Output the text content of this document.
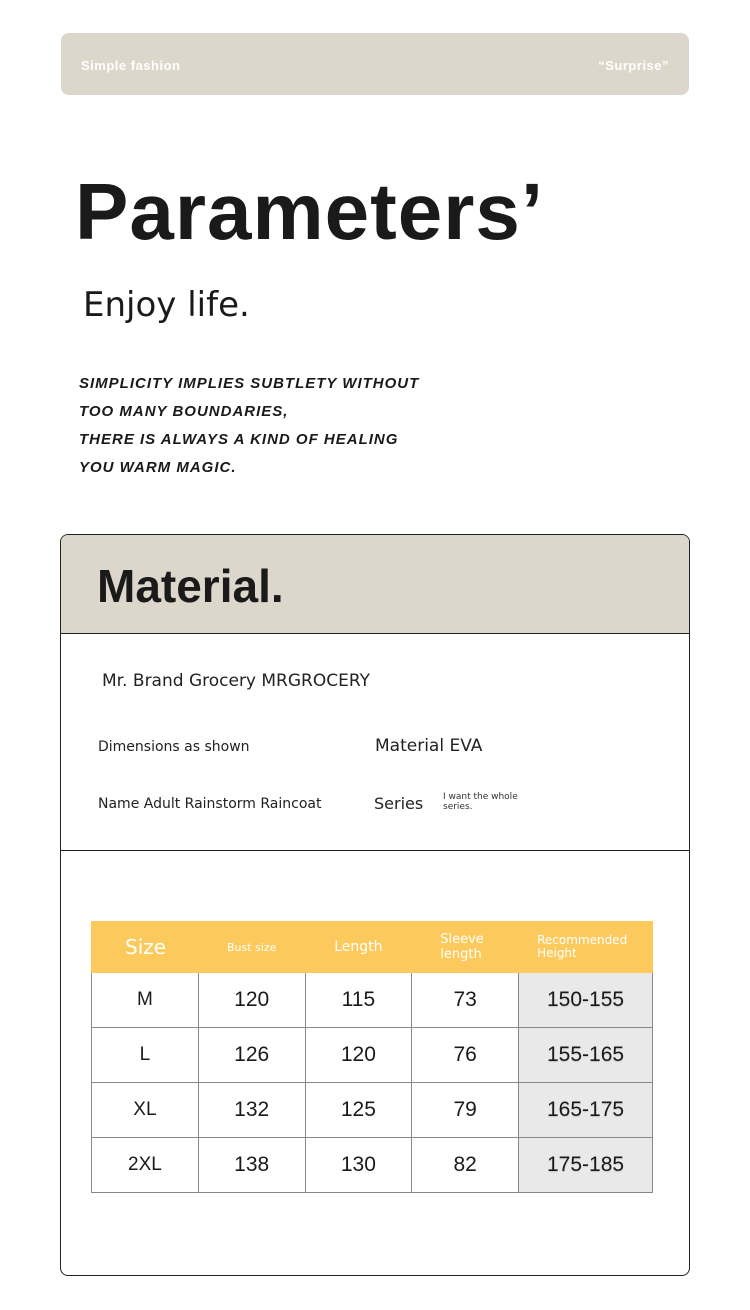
Simple fashion	“Surprise”
Parameters’
Enjoy life.
SIMPLICITY IMPLIES SUBTLETY WITHOUT
TOO MANY BOUNDARIES,
THERE IS ALWAYS A KIND OF HEALING
YOU WARM MAGIC.
Material.
Mr. Brand Grocery MRGROCERY
Dimensions as shown	Material EVA
Name Adult Rainstorm Raincoat	Series I want the whole series.
Size	Bust size	Length	Sleeve length	Recommended Height
M	120	115	73	150-155
L	126	120	76	155-165
XL	132	125	79	165-175
2XL	138	130	82	175-185
